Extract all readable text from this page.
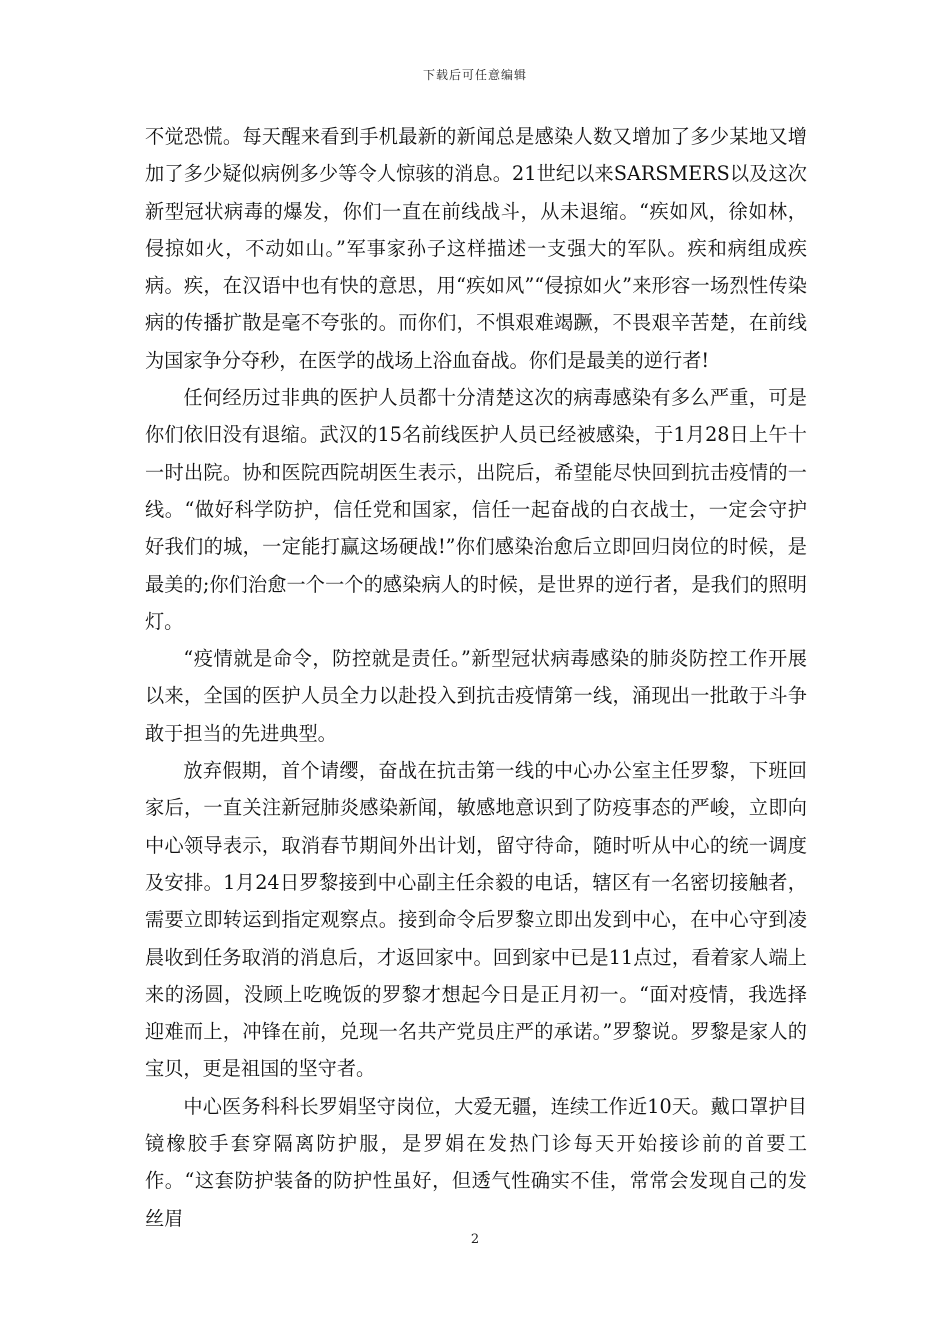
下载后可任意编辑

不觉恐慌。每天醒来看到手机最新的新闻总是感染人数又增加了多少某地又增加了多少疑似病例多少等令人惊骇的消息。21世纪以来SARSMERS以及这次新型冠状病毒的爆发，你们一直在前线战斗，从未退缩。“疾如风，徐如林，侵掠如火，不动如山。”军事家孙子这样描述一支强大的军队。疾和病组成疾病。疾，在汉语中也有快的意思，用“疾如风”“侵掠如火”来形容一场烈性传染病的传播扩散是毫不夸张的。而你们，不惧艰难竭蹶，不畏艰辛苦楚，在前线为国家争分夺秒，在医学的战场上浴血奋战。你们是最美的逆行者!

任何经历过非典的医护人员都十分清楚这次的病毒感染有多么严重，可是你们依旧没有退缩。武汉的15名前线医护人员已经被感染，于1月28日上午十一时出院。协和医院西院胡医生表示，出院后，希望能尽快回到抗击疫情的一线。“做好科学防护，信任党和国家，信任一起奋战的白衣战士，一定会守护好我们的城，一定能打赢这场硬战!”你们感染治愈后立即回归岗位的时候，是最美的;你们治愈一个一个的感染病人的时候，是世界的逆行者，是我们的照明灯。

“疫情就是命令，防控就是责任。”新型冠状病毒感染的肺炎防控工作开展以来，全国的医护人员全力以赴投入到抗击疫情第一线，涌现出一批敢于斗争敢于担当的先进典型。

放弃假期，首个请缨，奋战在抗击第一线的中心办公室主任罗黎，下班回家后，一直关注新冠肺炎感染新闻，敏感地意识到了防疫事态的严峻，立即向中心领导表示，取消春节期间外出计划，留守待命，随时听从中心的统一调度及安排。1月24日罗黎接到中心副主任余毅的电话，辖区有一名密切接触者，需要立即转运到指定观察点。接到命令后罗黎立即出发到中心，在中心守到凌晨收到任务取消的消息后，才返回家中。回到家中已是11点过，看着家人端上来的汤圆，没顾上吃晚饭的罗黎才想起今日是正月初一。“面对疫情，我选择迎难而上，冲锋在前，兑现一名共产党员庄严的承诺。”罗黎说。罗黎是家人的宝贝，更是祖国的坚守者。

中心医务科科长罗娟坚守岗位，大爱无疆，连续工作近10天。戴口罩护目镜橡胶手套穿隔离防护服，是罗娟在发热门诊每天开始接诊前的首要工作。“这套防护装备的防护性虽好，但透气性确实不佳，常常会发现自己的发丝眉

2
